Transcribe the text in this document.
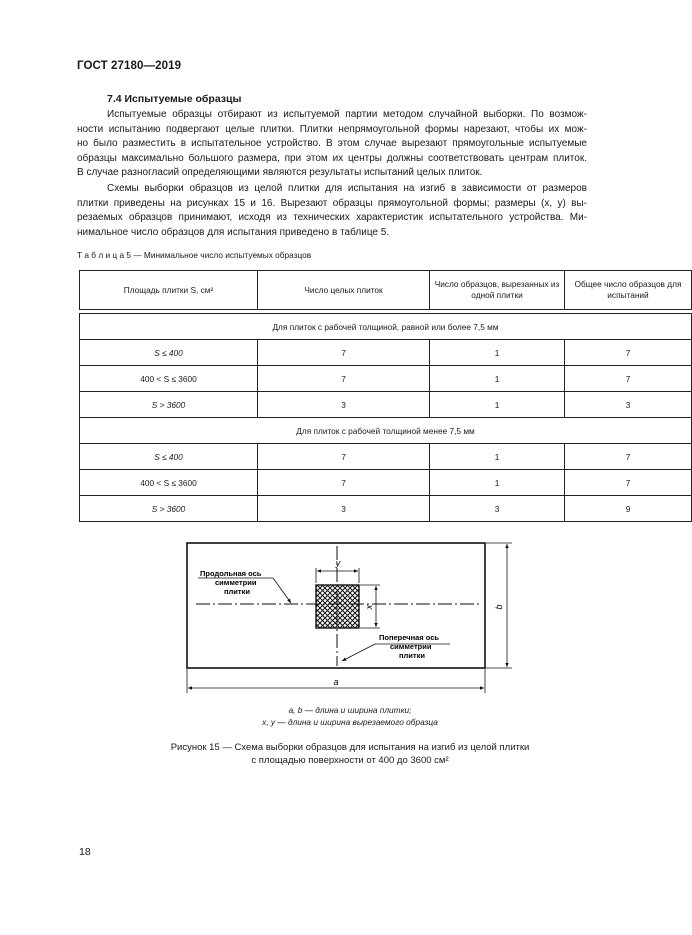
ГОСТ 27180—2019
7.4 Испытуемые образцы
Испытуемые образцы отбирают из испытуемой партии методом случайной выборки. По возмож-
ности испытанию подвергают целые плитки. Плитки непрямоугольной формы нарезают, чтобы их мож-
но было разместить в испытательное устройство. В этом случае вырезают прямоугольные испытуемые
образцы максимально большого размера, при этом их центры должны соответствовать центрам плиток.
В случае разногласий определяющими являются результаты испытаний целых плиток.
Схемы выборки образцов из целой плитки для испытания на изгиб в зависимости от размеров
плитки приведены на рисунках 15 и 16. Вырезают образцы прямоугольной формы; размеры (x, y) вы-
резаемых образцов принимают, исходя из технических характеристик испытательного устройства. Ми-
нимальное число образцов для испытания приведено в таблице 5.
Т а б л и ц а 5 — Минимальное число испытуемых образцов
Площадь плитки S, см²	Число целых плиток	Число образцов, вырезанных из одной плитки	Общее число образцов для испытаний

Для плиток с рабочей толщиной, равной или более 7,5 мм			
S ≤ 400	7	1	7
400 < S ≤ 3600	7	1	7
S > 3600	3	1	3
Для плиток с рабочей толщиной менее 7,5 мм			
S ≤ 400	7	1	7
400 < S ≤ 3600	7	1	7
S > 3600	3	3	9
y
x	b
a
Продольная ось симметрии плитки
Поперечная ось симметрии плитки
a, b — длина и ширина плитки;
x, y — длина и ширина вырезаемого образца
Рисунок 15 — Схема выборки образцов для испытания на изгиб из целой плитки
с площадью поверхности от 400 до 3600 см²
18
